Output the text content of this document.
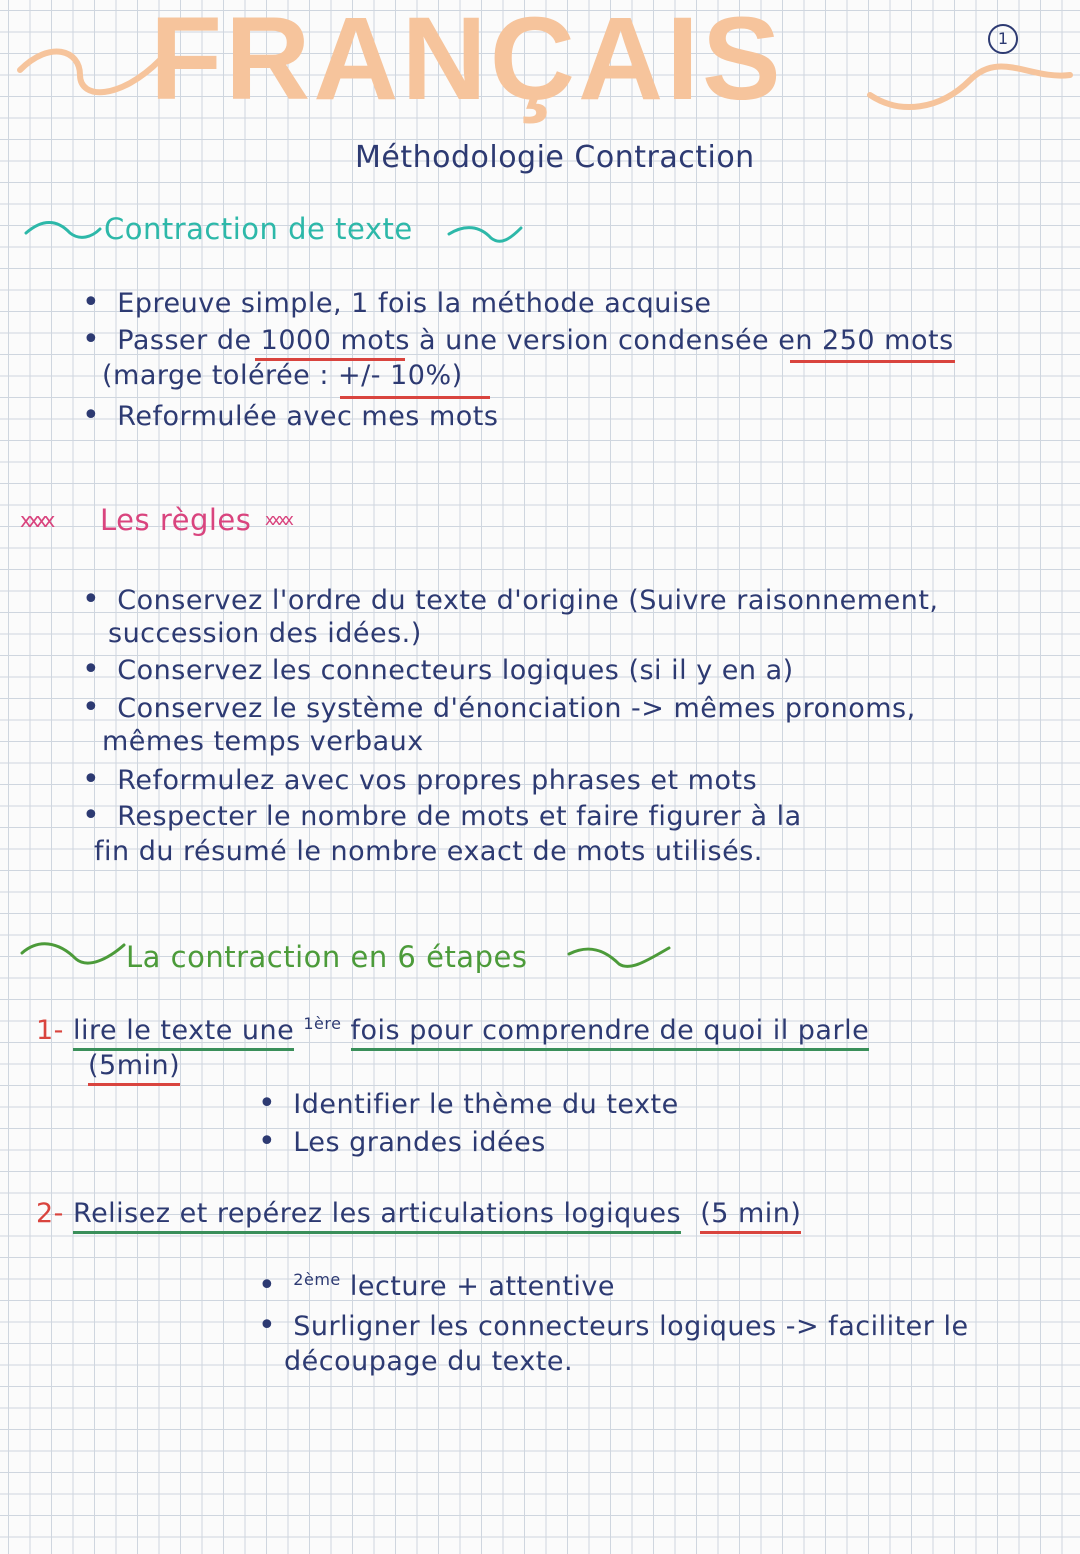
FRANÇAIS	1
Méthodologie Contraction
Contraction de texte
• Epreuve simple, 1 fois la méthode acquise
• Passer de 1000 mots à une version condensée en 250 mots
(marge tolérée : +/- 10%)
• Reformulée avec mes mots
xxxx Les règles xxxx
• Conservez l'ordre du texte d'origine (Suivre raisonnement,
succession des idées.)
• Conservez les connecteurs logiques (si il y en a)
• Conservez le système d'énonciation -> mêmes pronoms,
mêmes temps verbaux
• Reformulez avec vos propres phrases et mots
• Respecter le nombre de mots et faire figurer à la
fin du résumé le nombre exact de mots utilisés.
La contraction en 6 étapes
1- lire le texte une $^{1ère}$ fois pour comprendre de quoi il parle
(5min)
• Identifier le thème du texte
• Les grandes idées
2- Relisez et repérez les articulations logiques (5 min)
• $^{2ème}$ lecture + attentive
• Surligner les connecteurs logiques -> faciliter le
découpage du texte.
